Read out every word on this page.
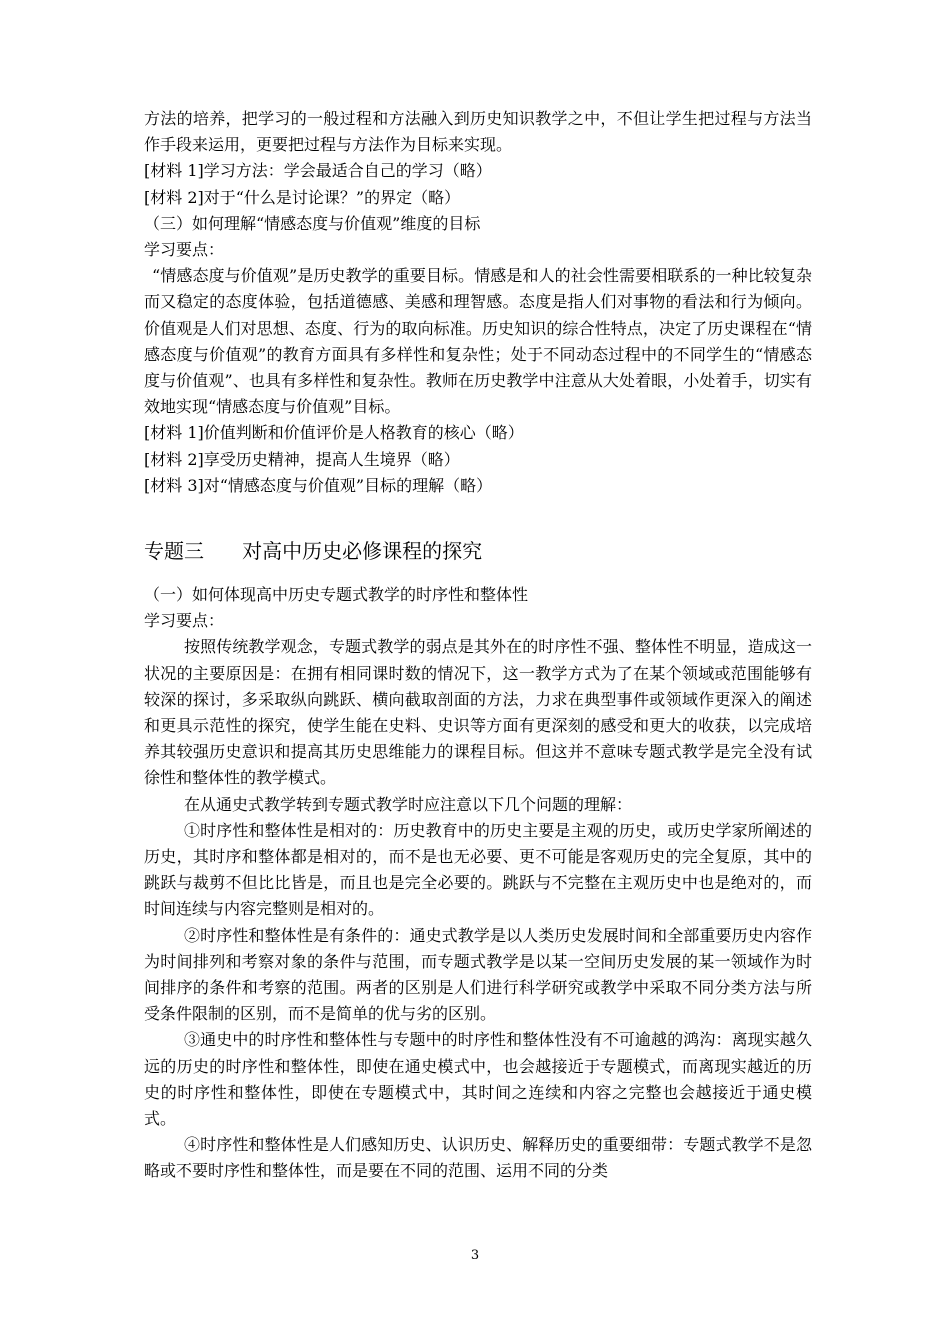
方法的培养，把学习的一般过程和方法融入到历史知识教学之中，不但让学生把过程与方法当作手段来运用，更要把过程与方法作为目标来实现。

[材料 1]学习方法：学会最适合自己的学习（略）

[材料 2]对于“什么是讨论课？”的界定（略）

（三）如何理解“情感态度与价值观”维度的目标

学习要点：

“情感态度与价值观”是历史教学的重要目标。情感是和人的社会性需要相联系的一种比较复杂而又稳定的态度体验，包括道德感、美感和理智感。态度是指人们对事物的看法和行为倾向。价值观是人们对思想、态度、行为的取向标准。历史知识的综合性特点，决定了历史课程在“情感态度与价值观”的教育方面具有多样性和复杂性；处于不同动态过程中的不同学生的“情感态度与价值观”、也具有多样性和复杂性。教师在历史教学中注意从大处着眼，小处着手，切实有效地实现“情感态度与价值观”目标。

[材料 1]价值判断和价值评价是人格教育的核心（略）

[材料 2]享受历史精神，提高人生境界（略）

[材料 3]对“情感态度与价值观”目标的理解（略）

专题三      对高中历史必修课程的探究

（一）如何体现高中历史专题式教学的时序性和整体性

学习要点：

按照传统教学观念，专题式教学的弱点是其外在的时序性不强、整体性不明显，造成这一状况的主要原因是：在拥有相同课时数的情况下，这一教学方式为了在某个领域或范围能够有较深的探讨，多采取纵向跳跃、横向截取剖面的方法，力求在典型事件或领域作更深入的阐述和更具示范性的探究，使学生能在史料、史识等方面有更深刻的感受和更大的收获，以完成培养其较强历史意识和提高其历史思维能力的课程目标。但这并不意味专题式教学是完全没有试徐性和整体性的教学模式。

在从通史式教学转到专题式教学时应注意以下几个问题的理解：

①时序性和整体性是相对的：历史教育中的历史主要是主观的历史，或历史学家所阐述的历史，其时序和整体都是相对的，而不是也无必要、更不可能是客观历史的完全复原，其中的跳跃与裁剪不但比比皆是，而且也是完全必要的。跳跃与不完整在主观历史中也是绝对的，而时间连续与内容完整则是相对的。

②时序性和整体性是有条件的：通史式教学是以人类历史发展时间和全部重要历史内容作为时间排列和考察对象的条件与范围，而专题式教学是以某一空间历史发展的某一领域作为时间排序的条件和考察的范围。两者的区别是人们进行科学研究或教学中采取不同分类方法与所受条件限制的区别，而不是简单的优与劣的区别。

③通史中的时序性和整体性与专题中的时序性和整体性没有不可逾越的鸿沟：离现实越久远的历史的时序性和整体性，即使在通史模式中，也会越接近于专题模式，而离现实越近的历史的时序性和整体性，即使在专题模式中，其时间之连续和内容之完整也会越接近于通史模式。

④时序性和整体性是人们感知历史、认识历史、解释历史的重要细带：专题式教学不是忽略或不要时序性和整体性，而是要在不同的范围、运用不同的分类

3
